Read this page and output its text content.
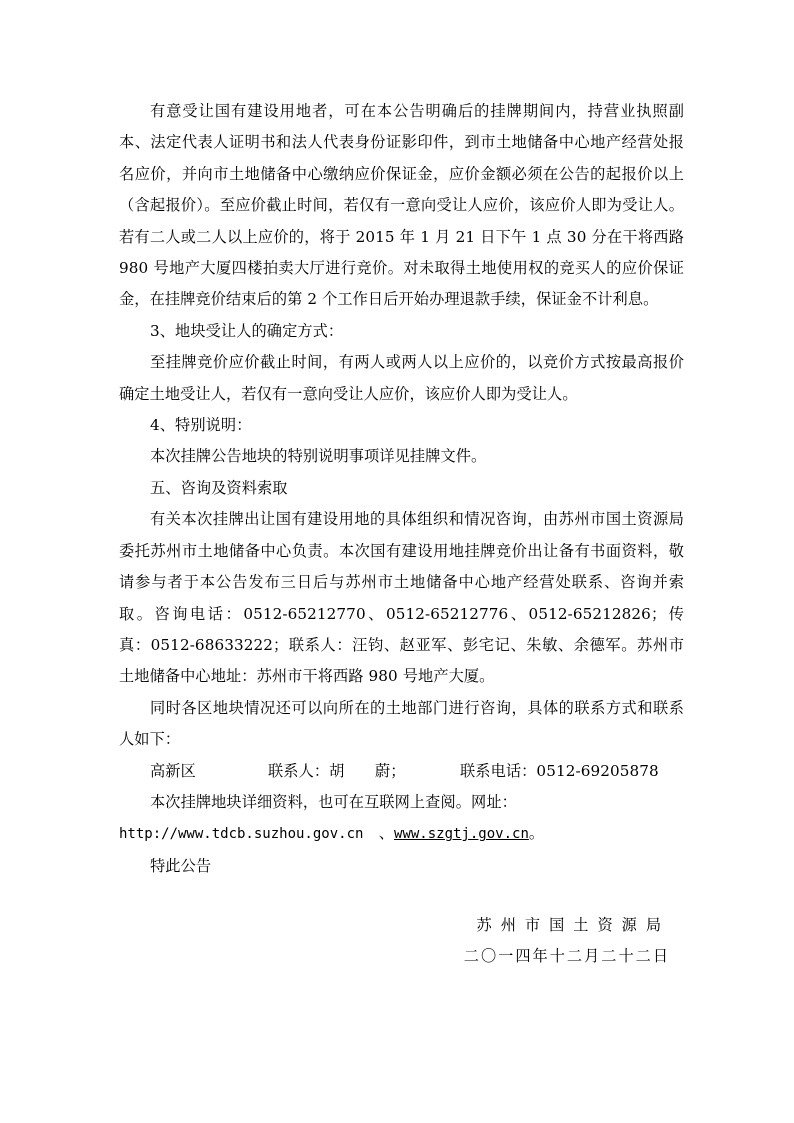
有意受让国有建设用地者，可在本公告明确后的挂牌期间内，持营业执照副本、法定代表人证明书和法人代表身份证影印件，到市土地储备中心地产经营处报名应价，并向市土地储备中心缴纳应价保证金，应价金额必须在公告的起报价以上（含起报价）。至应价截止时间，若仅有一意向受让人应价，该应价人即为受让人。若有二人或二人以上应价的，将于 2015 年 1 月 21 日下午 1 点 30 分在干将西路 980 号地产大厦四楼拍卖大厅进行竞价。对未取得土地使用权的竞买人的应价保证金，在挂牌竞价结束后的第 2 个工作日后开始办理退款手续，保证金不计利息。

3、地块受让人的确定方式：

至挂牌竞价应价截止时间，有两人或两人以上应价的，以竞价方式按最高报价确定土地受让人，若仅有一意向受让人应价，该应价人即为受让人。

4、特别说明：

本次挂牌公告地块的特别说明事项详见挂牌文件。

五、咨询及资料索取

有关本次挂牌出让国有建设用地的具体组织和情况咨询，由苏州市国土资源局委托苏州市土地储备中心负责。本次国有建设用地挂牌竞价出让备有书面资料，敬请参与者于本公告发布三日后与苏州市土地储备中心地产经营处联系、咨询并索取。咨询电话：0512-65212770、0512-65212776、0512-65212826；传真：0512-68633222；联系人：汪钧、赵亚军、彭宅记、朱敏、余德军。苏州市土地储备中心地址：苏州市干将西路 980 号地产大厦。

同时各区地块情况还可以向所在的土地部门进行咨询，具体的联系方式和联系人如下：

高新区	联系人：胡　　蔚；	联系电话：0512-69205878

本次挂牌地块详细资料，也可在互联网上查阅。网址：

http://www.tdcb.suzhou.gov.cn　、www.szgtj.gov.cn。

特此公告

苏州市国土资源局
二〇一四年十二月二十二日
